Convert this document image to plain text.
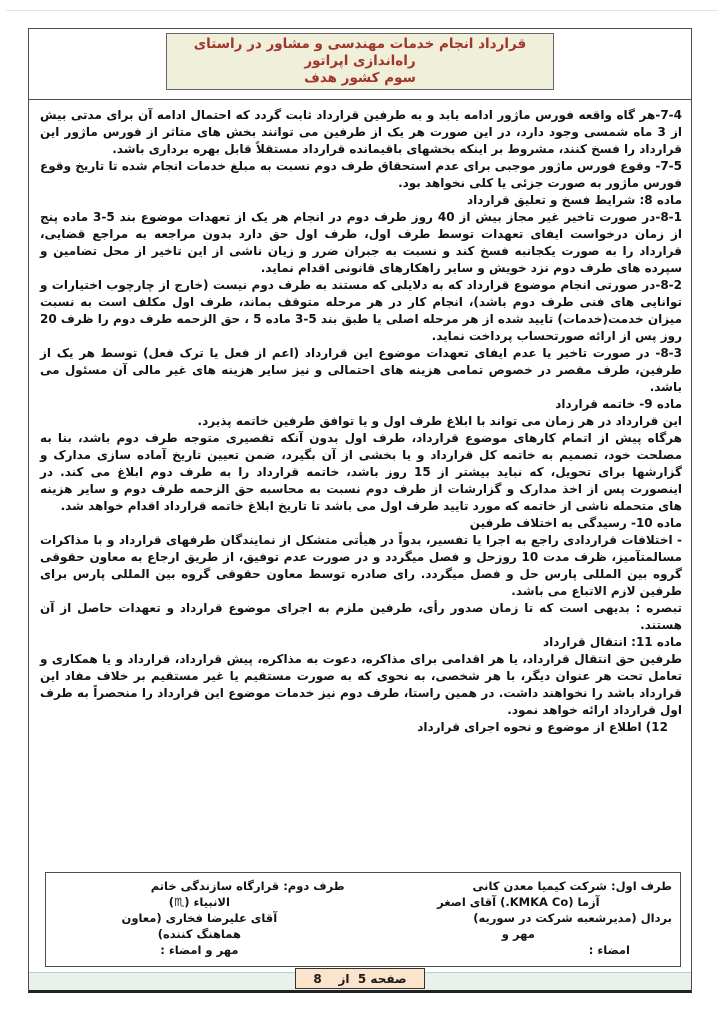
قرارداد انجام خدمات مهندسی و مشاور در راستای راه‌اندازی اپراتور
سوم کشور هدف

7-4-هر گاه واقعه فورس ماژور ادامه یابد و به طرفین قرارداد ثابت گردد که احتمال ادامه آن برای مدتی بیش از 3 ماه شمسی وجود دارد، در این صورت هر یک از طرفین می توانند بخش های متاثر از فورس ماژور این قرارداد را فسخ کنند، مشروط بر اینکه بخشهای باقیمانده قرارداد مستقلاً قابل بهره برداری باشد.

7-5- وقوع فورس ماژور موجبی برای عدم استحقاق طرف دوم نسبت به مبلغ خدمات انجام شده تا تاریخ وقوع فورس ماژور به صورت جزئی یا کلی نخواهد بود.

ماده 8: شرایط فسخ و تعلیق قرارداد

8-1-در صورت تاخیر غیر مجاز بیش از 40 روز طرف دوم در انجام هر یک از تعهدات موضوع بند 5-3 ماده پنج از زمان درخواست ایفای تعهدات توسط طرف اول، طرف اول حق دارد بدون مراجعه به مراجع قضایی، قرارداد را به صورت یکجانبه فسخ کند و نسبت به جبران ضرر و زیان ناشی از این تاخیر از محل تضامین و سپرده های طرف دوم نزد خویش و سایر راهکارهای قانونی اقدام نماید.

8-2-در صورتی انجام موضوع قرارداد که به دلایلی که مستند به طرف دوم نیست (خارج از چارچوب اختیارات و توانایی های فنی طرف دوم باشد)، انجام کار در هر مرحله متوقف بماند، طرف اول مکلف است به نسبت میزان خدمت(خدمات) تایید شده از هر مرحله اصلی یا طبق بند 5-3 ماده 5 ، حق الزحمه طرف دوم را ظرف 20 روز پس از ارائه صورتحساب پرداخت نماید.

8-3- در صورت تاخیر یا عدم ایفای تعهدات موضوع این قرارداد (اعم از فعل یا ترک فعل) توسط هر یک از طرفین، طرف مقصر در خصوص تمامی هزینه های احتمالی و نیز سایر هزینه های غیر مالی آن مسئول می باشد.

ماده 9- خاتمه قرارداد

این قرارداد در هر زمان می تواند با ابلاغ طرف اول و یا توافق طرفین خاتمه پذیرد.

هرگاه پیش از اتمام کارهای موضوع قرارداد، طرف اول بدون آنکه تقصیری متوجه طرف دوم باشد، بنا به مصلحت خود، تصمیم به خاتمه کل قرارداد و یا بخشی از آن بگیرد، ضمن تعیین تاریخ آماده سازی مدارک و گزارشها برای تحویل، که نباید بیشتر از 15 روز باشد، خاتمه قرارداد را به طرف دوم ابلاغ می کند. در اینصورت پس از اخذ مدارک و گزارشات از طرف دوم نسبت به محاسبه حق الزحمه طرف دوم و سایر هزینه های متحمله ناشی از خاتمه که مورد تایید طرف اول می باشد تا تاریخ ابلاغ خاتمه قرارداد اقدام خواهد شد.

ماده 10- رسیدگی به اختلاف طرفین

- اختلافات قراردادی راجع به اجرا یا تفسیر، بدواً در هیأتی متشکل از نمایندگان طرفهای قرارداد و با مذاکرات مسالمتآمیز، ظرف مدت 10 روزحل و فصل میگردد و در صورت عدم توفیق، از طریق ارجاع به معاون حقوقی گروه بین المللی پارس حل و فصل میگردد. رای صادره توسط معاون حقوقی گروه بین المللی پارس برای طرفین لازم الاتباع می باشد.

تبصره : بدیهی است که تا زمان صدور رأی، طرفین ملزم به اجرای موضوع قرارداد و تعهدات حاصل از آن هستند.

ماده 11: انتقال قرارداد

طرفین حق انتقال قرارداد، یا هر اقدامی برای مذاکره، دعوت به مذاکره، پیش قرارداد، قرارداد و یا همکاری و تعامل تحت هر عنوان دیگر، با هر شخصی، به نحوی که به صورت مستقیم یا غیر مستقیم بر خلاف مفاد این قرارداد باشد را نخواهند داشت. در همین راستا، طرف دوم نیز خدمات موضوع این قرارداد را منحصراً به طرف اول قرارداد ارائه خواهد نمود.

12) اطلاع از موضوع و نحوه اجرای قرارداد

طرف اول: شرکت کیمیا معدن کانی

آزما (KMKA Co.) آقای اصغر

بردال (مدیرشعبه شرکت در سوریه)

مهر و

امضاء :

طرف دوم: قرارگاه سازندگی خاتم

الانبیاء (♏)

آقای علیرضا فخاری (معاون

هماهنگ کننده)

مهر و امضاء :

صفحه 5  از    8
